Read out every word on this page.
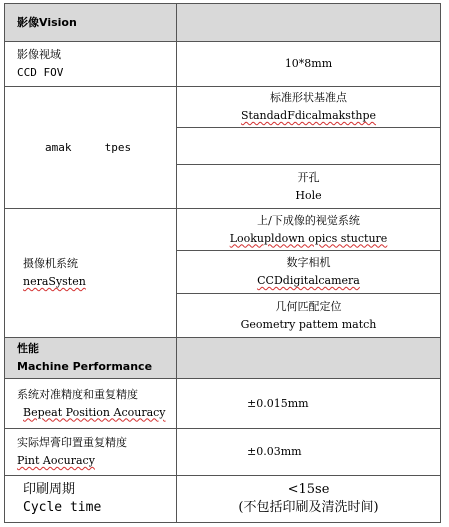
影像Vision
影像视域
CCD FOV
10*8mm
amak     tpes
标准形状基准点
StandadFdicalmaksthpe
开孔
Hole
摄像机系统
neraSysten
上/下成像的视觉系统
Lookupldown opics stucture
数字相机
CCDdigitalcamera
几何匹配定位
Geometry pattem match
性能
Machine Performance
系统对准精度和重复精度
Bepeat Position Acouracy
±0.015mm
实际焊膏印置重复精度
Pint Aocuracy
±0.03mm
印刷周期
Cycle time
<15se
(不包括印刷及清洗时间)
